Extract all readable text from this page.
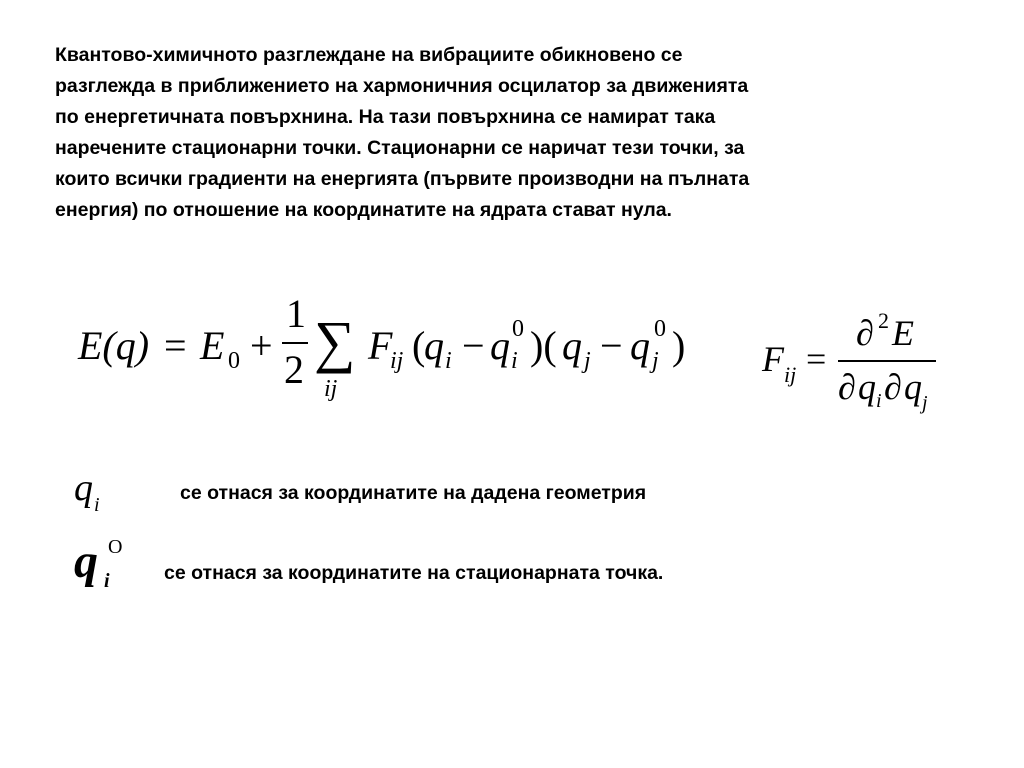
Квантово-химичното разглеждане на вибрациите обикновено се
разглежда в приближението на хармоничния осцилатор за движенията
по енергетичната повърхнина. На тази повърхнина се намират така
наречените стационарни точки. Стационарни се наричат тези точки, за
които всички градиенти на енергията (първите производни на пълната
енергия) по отношение на координатите на ядрата стават нула.

E(q) = E 0 +
1
2 ∑
ij
F
ij (
q i − q 0
i )( q j − q 0
j ) F ij =
∂ 2 E
∂ q i ∂ q j
q i
се отнася за координатите на дадена геометрия
q i
O
се отнася за координатите на стационарната точка.
